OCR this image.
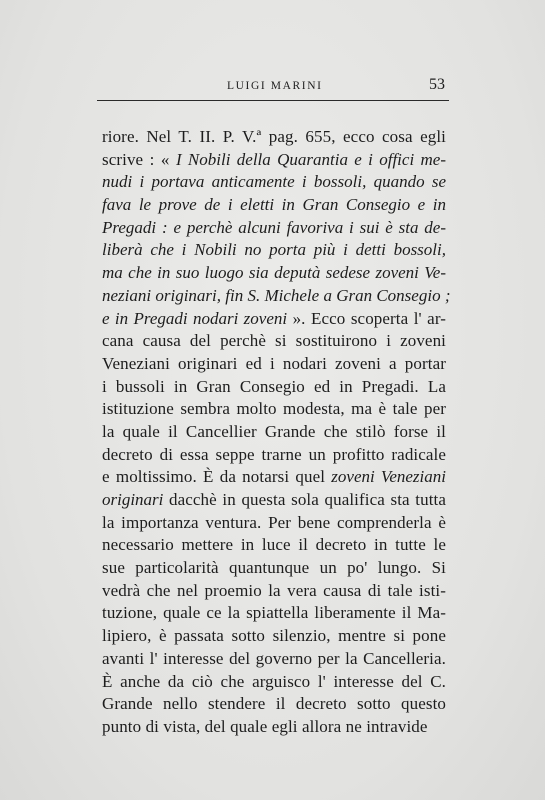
LUIGI MARINI	53
riore. Nel T. II. P. V.ª pag. 655, ecco cosa egli
scrive : « I Nobili della Quarantia e i offici me-
nudi i portava anticamente i bossoli, quando se
fava le prove de i eletti in Gran Consegio e in
Pregadi : e perchè alcuni favoriva i sui è sta de-
liberà che i Nobili no porta più i detti bossoli,
ma che in suo luogo sia deputà sedese zoveni Ve-
neziani originari, fin S. Michele a Gran Consegio ;
e in Pregadi nodari zoveni ». Ecco scoperta l' ar-
cana causa del perchè si sostituirono i zoveni
Veneziani originari ed i nodari zoveni a portar
i bussoli in Gran Consegio ed in Pregadi. La
istituzione sembra molto modesta, ma è tale per
la quale il Cancellier Grande che stilò forse il
decreto di essa seppe trarne un profitto radicale
e moltissimo. È da notarsi quel zoveni Veneziani
originari dacchè in questa sola qualifica sta tutta
la importanza ventura. Per bene comprenderla è
necessario mettere in luce il decreto in tutte le
sue particolarità quantunque un po' lungo. Si
vedrà che nel proemio la vera causa di tale isti-
tuzione, quale ce la spiattella liberamente il Ma-
lipiero, è passata sotto silenzio, mentre si pone
avanti l' interesse del governo per la Cancelleria.
È anche da ciò che arguisco l' interesse del C.
Grande nello stendere il decreto sotto questo
punto di vista, del quale egli allora ne intravide
